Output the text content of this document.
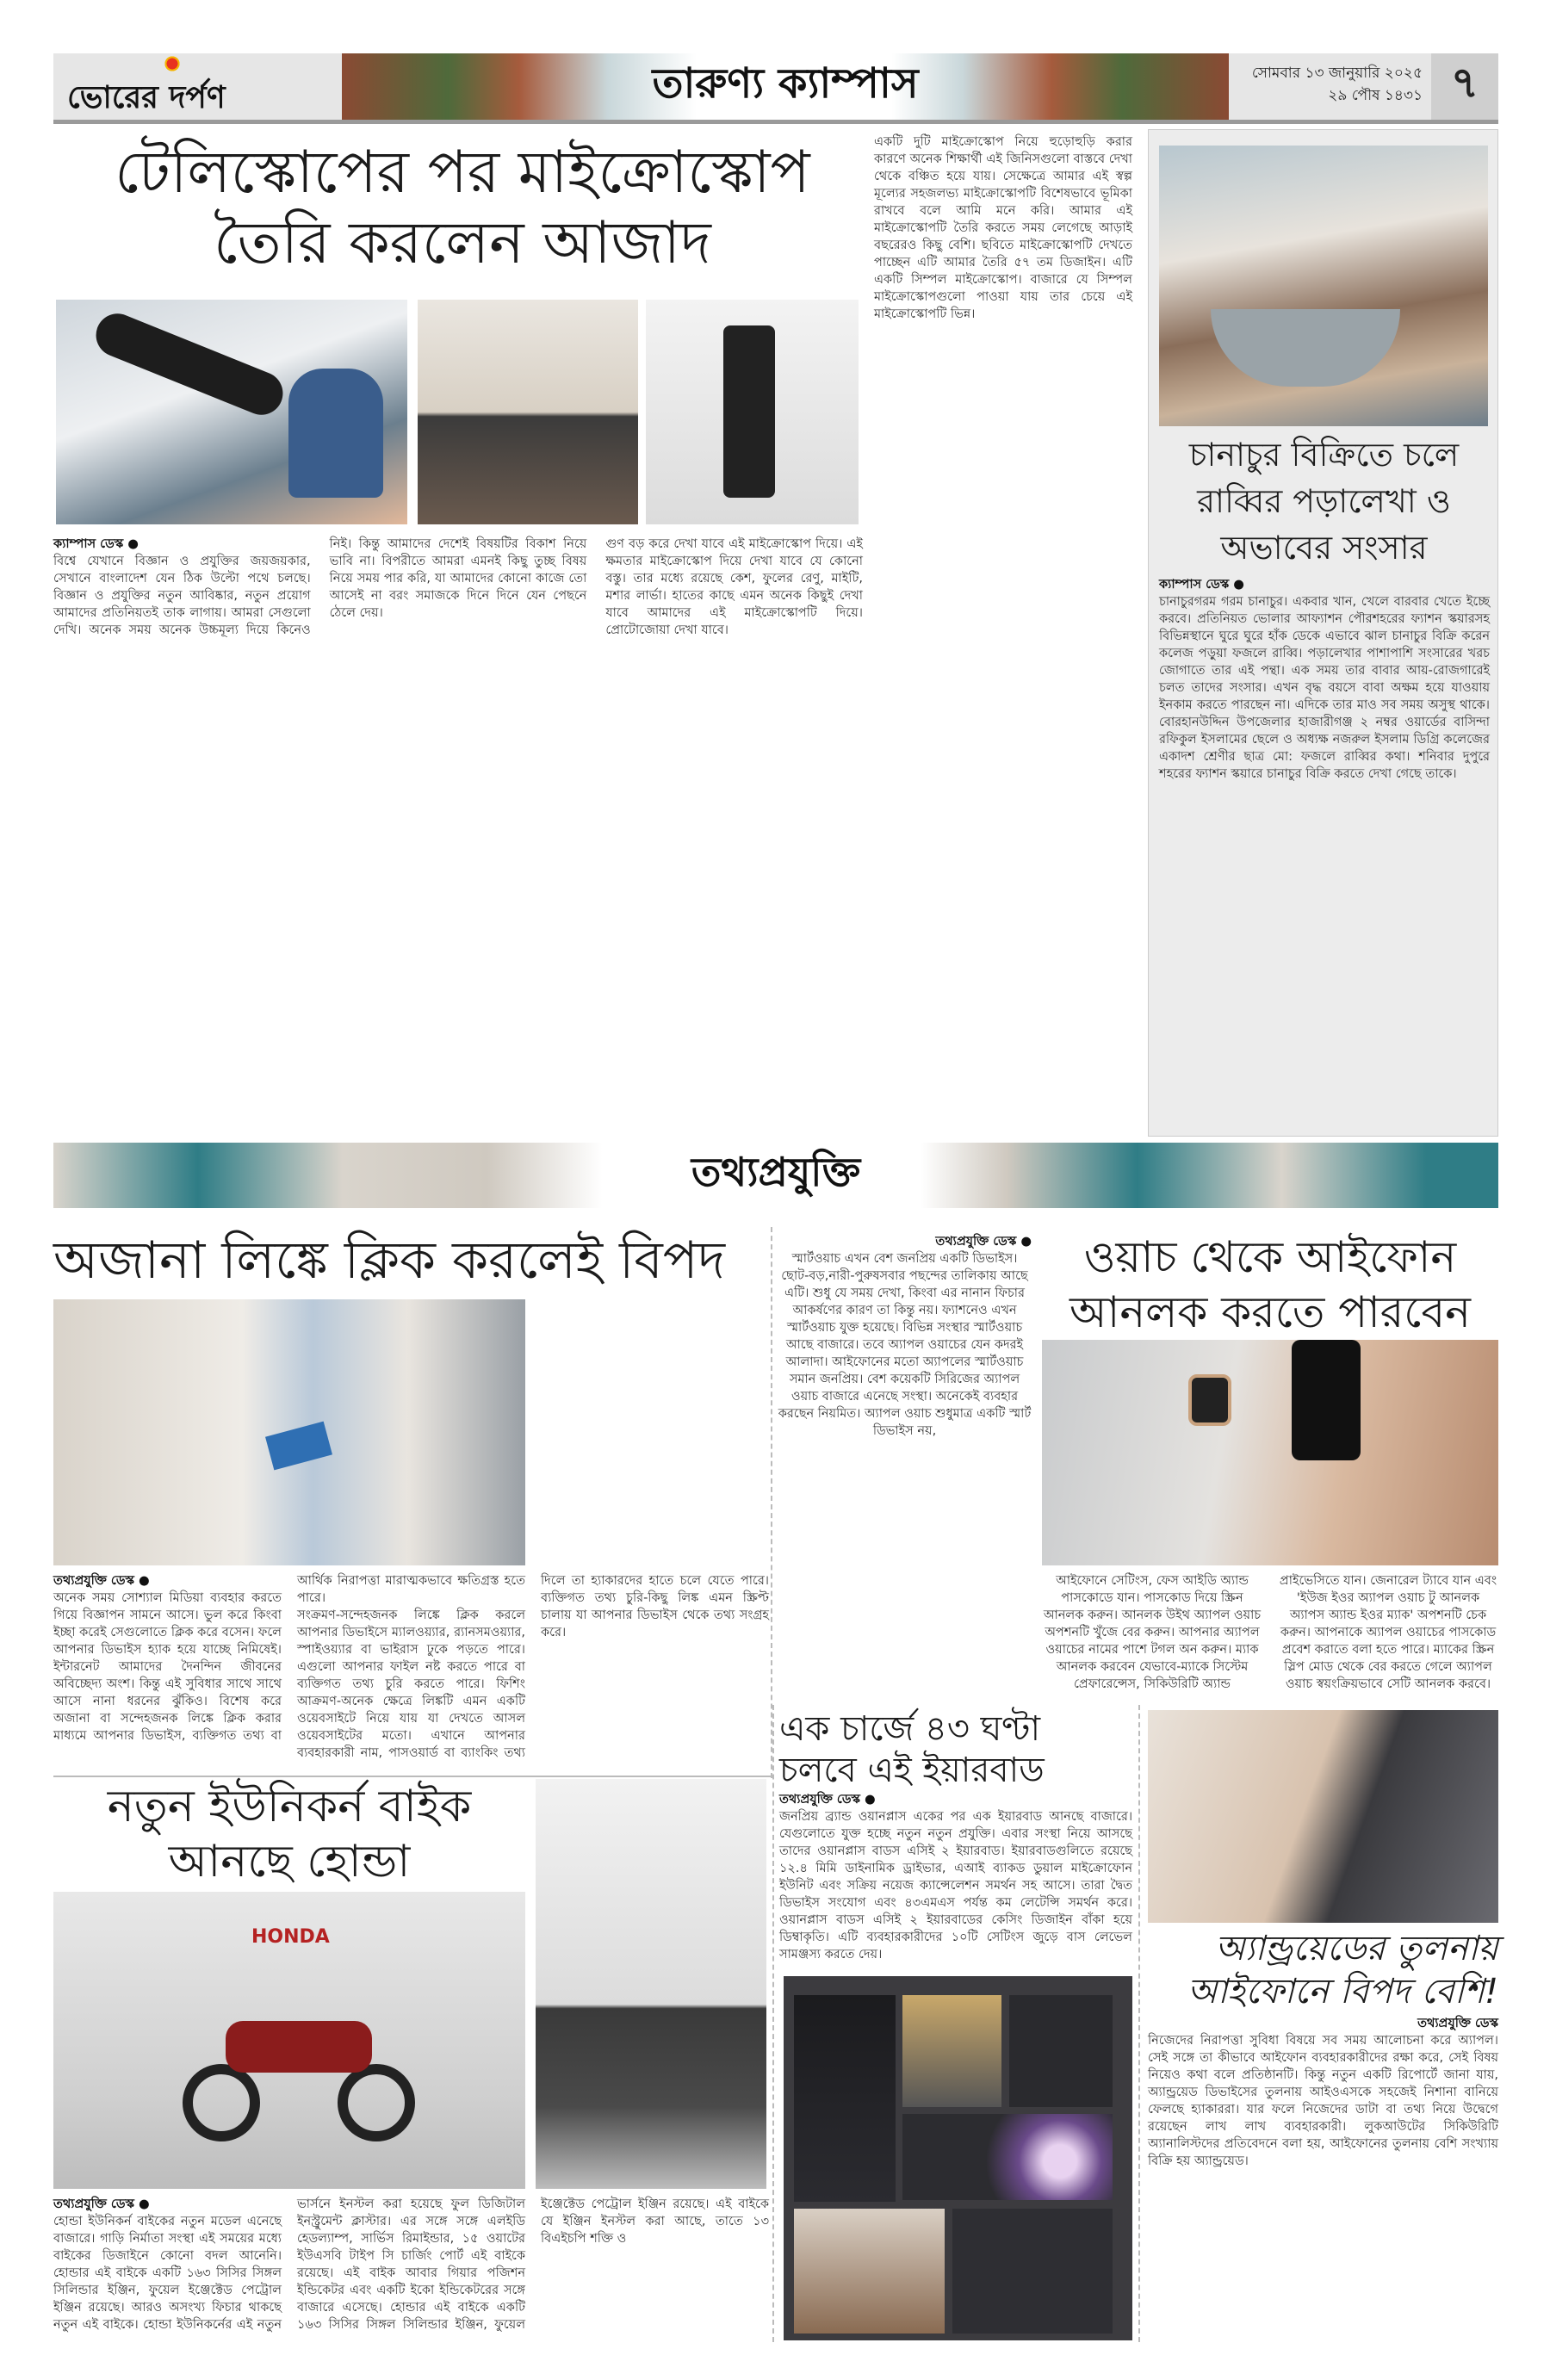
ভোরের দর্পণ	তারুণ্য ক্যাম্পাস	সোমবার ১৩ জানুয়ারি ২০২৫
২৯ পৌষ ১৪৩১ ৭
টেলিস্কোপের পর মাইক্রোস্কোপ
তৈরি করলেন আজাদ

ক্যাম্পাস ডেস্ক ●

বিশ্বে যেখানে বিজ্ঞান ও প্রযুক্তির জয়জয়কার, সেখানে বাংলাদেশ যেন ঠিক উল্টো পথে চলছে। বিজ্ঞান ও প্রযুক্তির নতুন আবিষ্কার, নতুন প্রয়োগ আমাদের প্রতিনিয়তই তাক লাগায়। আমরা সেগুলো দেখি। অনেক সময় অনেক উচ্চমূল্য দিয়ে কিনেও নিই। কিন্তু আমাদের দেশেই বিষয়টির বিকাশ নিয়ে ভাবি না। বিপরীতে আমরা এমনই কিছু তুচ্ছ বিষয় নিয়ে সময় পার করি, যা আমাদের কোনো কাজে তো আসেই না বরং সমাজকে দিনে দিনে যেন পেছনে ঠেলে দেয়।

গুণ বড় করে দেখা যাবে এই মাইক্রোস্কোপ দিয়ে। এই ক্ষমতার মাইক্রোস্কোপ দিয়ে দেখা যাবে যে কোনো বস্তু। তার মধ্যে রয়েছে কেশ, ফুলের রেণু, মাইটি, মশার লার্ভা। হাতের কাছে এমন অনেক কিছুই দেখা যাবে আমাদের এই মাইক্রোস্কোপটি দিয়ে। প্রোটোজোয়া দেখা যাবে।

একটি দুটি মাইক্রোস্কোপ নিয়ে হুড়োহুড়ি করার কারণে অনেক শিক্ষার্থী এই জিনিসগুলো বাস্তবে দেখা থেকে বঞ্চিত হয়ে যায়। সেক্ষেত্রে আমার এই স্বল্প মূল্যের সহজলভ্য মাইক্রোস্কোপটি বিশেষভাবে ভূমিকা রাখবে বলে আমি মনে করি। আমার এই মাইক্রোস্কোপটি তৈরি করতে সময় লেগেছে আড়াই বছরেরও কিছু বেশি। ছবিতে মাইক্রোস্কোপটি দেখতে পাচ্ছেন এটি আমার তৈরি ৫৭ তম ডিজাইন। এটি একটি সিম্পল মাইক্রোস্কোপ। বাজারে যে সিম্পল মাইক্রোস্কোপগুলো পাওয়া যায় তার চেয়ে এই মাইক্রোস্কোপটি ভিন্ন।

চানাচুর বিক্রিতে চলে
রাব্বির পড়ালেখা ও
অভাবের সংসার

ক্যাম্পাস ডেস্ক ●

চানাচুরগরম গরম চানাচুর। একবার খান, খেলে বারবার খেতে ইচ্ছে করবে। প্রতিনিয়ত ভোলার আফ্যাশন পৌরশহরের ফ্যাশন স্কয়ারসহ বিভিন্নস্থানে ঘুরে ঘুরে হাঁক ডেকে এভাবে ঝাল চানাচুর বিক্রি করেন কলেজ পড়ুয়া ফজলে রাব্বি। পড়ালেখার পাশাপাশি সংসারের খরচ জোগাতে তার এই পন্থা। এক সময় তার বাবার আয়-রোজগারেই চলত তাদের সংসার। এখন বৃদ্ধ বয়সে বাবা অক্ষম হয়ে যাওয়ায় ইনকাম করতে পারছেন না। এদিকে তার মাও সব সময় অসুস্থ থাকে। বোরহানউদ্দিন উপজেলার হাজারীগঞ্জ ২ নম্বর ওয়ার্ডের বাসিন্দা রফিকুল ইসলামের ছেলে ও অধ্যক্ষ নজরুল ইসলাম ডিগ্রি কলেজের একাদশ শ্রেণীর ছাত্র মো: ফজলে রাব্বির কথা। শনিবার দুপুরে শহরের ফ্যাশন স্কয়ারে চানাচুর বিক্রি করতে দেখা গেছে তাকে।

তথ্যপ্রযুক্তি
অজানা লিঙ্কে ক্লিক করলেই বিপদ

তথ্যপ্রযুক্তি ডেস্ক ●

অনেক সময় সোশ্যাল মিডিয়া ব্যবহার করতে গিয়ে বিজ্ঞাপন সামনে আসে। ভুল করে কিংবা ইচ্ছা করেই সেগুলোতে ক্লিক করে বসেন। ফলে আপনার ডিভাইস হ্যাক হয়ে যাচ্ছে নিমিষেই। ইন্টারনেট আমাদের দৈনন্দিন জীবনের অবিচ্ছেদ্য অংশ। কিন্তু এই সুবিধার সাথে সাথে আসে নানা ধরনের ঝুঁকিও। বিশেষ করে অজানা বা সন্দেহজনক লিঙ্কে ক্লিক করার মাধ্যমে আপনার ডিভাইস, ব্যক্তিগত তথ্য বা আর্থিক নিরাপত্তা মারাত্মকভাবে ক্ষতিগ্রস্ত হতে পারে।

সংক্রমণ-সন্দেহজনক লিঙ্কে ক্লিক করলে আপনার ডিভাইসে ম্যালওয়্যার, র‍্যানসমওয়্যার, স্পাইওয়্যার বা ভাইরাস ঢুকে পড়তে পারে। এগুলো আপনার ফাইল নষ্ট করতে পারে বা ব্যক্তিগত তথ্য চুরি করতে পারে। ফিশিং আক্রমণ-অনেক ক্ষেত্রে লিঙ্কটি এমন একটি ওয়েবসাইটে নিয়ে যায় যা দেখতে আসল ওয়েবসাইটের মতো। এখানে আপনার ব্যবহারকারী নাম, পাসওয়ার্ড বা ব্যাংকিং তথ্য দিলে তা হ্যাকারদের হাতে চলে যেতে পারে। ব্যক্তিগত তথ্য চুরি-কিছু লিঙ্ক এমন স্ক্রিপ্ট চালায় যা আপনার ডিভাইস থেকে তথ্য সংগ্রহ করে।

তথ্যপ্রযুক্তি ডেস্ক ●

স্মার্টওয়াচ এখন বেশ জনপ্রিয় একটি ডিভাইস। ছোট-বড়,নারী-পুরুষসবার পছন্দের তালিকায় আছে এটি। শুধু যে সময় দেখা, কিংবা এর নানান ফিচার আকর্ষণের কারণ তা কিন্তু নয়। ফ্যাশনেও এখন স্মার্টওয়াচ যুক্ত হয়েছে। বিভিন্ন সংস্থার স্মার্টওয়াচ আছে বাজারে। তবে অ্যাপল ওয়াচের যেন কদরই আলাদা। আইফোনের মতো অ্যাপলের স্মার্টওয়াচ সমান জনপ্রিয়। বেশ কয়েকটি সিরিজের অ্যাপল ওয়াচ বাজারে এনেছে সংস্থা। অনেকেই ব্যবহার করছেন নিয়মিত। অ্যাপল ওয়াচ শুধুমাত্র একটি স্মার্ট ডিভাইস নয়,

ওয়াচ থেকে আইফোন
আনলক করতে পারবেন

আইফোনে সেটিংস, ফেস আইডি অ্যান্ড পাসকোডে যান। পাসকোড দিয়ে স্ক্রিন আনলক করুন। আনলক উইথ অ্যাপল ওয়াচ অপশনটি খুঁজে বের করুন। আপনার অ্যাপল ওয়াচের নামের পাশে টগল অন করুন। ম্যাক আনলক করবেন যেভাবে-ম্যাকে সিস্টেম প্রেফারেন্সেস, সিকিউরিটি অ্যান্ড প্রাইভেসিতে যান। জেনারেল ট্যাবে যান এবং 'ইউজ ইওর অ্যাপল ওয়াচ টু আনলক অ্যাপস অ্যান্ড ইওর ম্যাক' অপশনটি চেক করুন। আপনাকে অ্যাপল ওয়াচের পাসকোড প্রবেশ করাতে বলা হতে পারে। ম্যাকের স্ক্রিন স্লিপ মোড থেকে বের করতে গেলে অ্যাপল ওয়াচ স্বয়ংক্রিয়ভাবে সেটি আনলক করবে।

নতুন ইউনিকর্ন বাইক
আনছে হোন্ডা
HONDA

তথ্যপ্রযুক্তি ডেস্ক ●

হোন্ডা ইউনিকর্ন বাইকের নতুন মডেল এনেছে বাজারে। গাড়ি নির্মাতা সংস্থা এই সময়ের মধ্যে বাইকের ডিজাইনে কোনো বদল আনেনি। হোন্ডার এই বাইকে একটি ১৬৩ সিসির সিঙ্গল সিলিন্ডার ইঞ্জিন, ফুয়েল ইঞ্জেক্টেড পেট্রোল ইঞ্জিন রয়েছে। আরও অসংখ্য ফিচার থাকছে নতুন এই বাইকে। হোন্ডা ইউনিকর্নের এই নতুন ভার্সনে ইনস্টল করা হয়েছে ফুল ডিজিটাল ইনস্ট্রুমেন্ট ক্লাস্টার। এর সঙ্গে সঙ্গে এলইডি হেডল্যাম্প, সার্ভিস রিমাইন্ডার, ১৫ ওয়াটের ইউএসবি টাইপ সি চার্জিং পোর্ট এই বাইকে রয়েছে। এই বাইক আবার গিয়ার পজিশন ইন্ডিকেটর এবং একটি ইকো ইন্ডিকেটরের সঙ্গে বাজারে এসেছে। হোন্ডার এই বাইকে একটি ১৬৩ সিসির সিঙ্গল সিলিন্ডার ইঞ্জিন, ফুয়েল ইঞ্জেক্টেড পেট্রোল ইঞ্জিন রয়েছে। এই বাইকে যে ইঞ্জিন ইনস্টল করা আছে, তাতে ১৩ বিএইচপি শক্তি ও

এক চার্জে ৪৩ ঘণ্টা
চলবে এই ইয়ারবাড

তথ্যপ্রযুক্তি ডেস্ক ●

জনপ্রিয় ব্র্যান্ড ওয়ানপ্লাস একের পর এক ইয়ারবাড আনছে বাজারে। যেগুলোতে যুক্ত হচ্ছে নতুন নতুন প্রযুক্তি। এবার সংস্থা নিয়ে আসছে তাদের ওয়ানপ্লাস বাডস এসিই ২ ইয়ারবাড। ইয়ারবাডগুলিতে রয়েছে ১২.৪ মিমি ডাইনামিক ড্রাইভার, এআই ব্যাকড ডুয়াল মাইক্রোফোন ইউনিট এবং সক্রিয় নয়েজ ক্যান্সেলেশন সমর্থন সহ আসে। তারা দ্বৈত ডিভাইস সংযোগ এবং ৪৩এমএস পর্যন্ত কম লেটেন্সি সমর্থন করে। ওয়ানপ্লাস বাডস এসিই ২ ইয়ারবাডের কেসিং ডিজাইন বাঁকা হয়ে ডিম্বাকৃতি। এটি ব্যবহারকারীদের ১০টি সেটিংস জুড়ে বাস লেভেল সামঞ্জস্য করতে দেয়।	অ্যান্ড্রয়েডের তুলনায়
আইফোনে বিপদ বেশি!

তথ্যপ্রযুক্তি ডেস্ক

নিজেদের নিরাপত্তা সুবিধা বিষয়ে সব সময় আলোচনা করে অ্যাপল। সেই সঙ্গে তা কীভাবে আইফোন ব্যবহারকারীদের রক্ষা করে, সেই বিষয় নিয়েও কথা বলে প্রতিষ্ঠানটি। কিন্তু নতুন একটি রিপোর্টে জানা যায়, অ্যান্ড্রয়েড ডিভাইসের তুলনায় আইওএসকে সহজেই নিশানা বানিয়ে ফেলছে হ্যাকাররা। যার ফলে নিজেদের ডাটা বা তথ্য নিয়ে উদ্বেগে রয়েছেন লাখ লাখ ব্যবহারকারী। লুকআউটের সিকিউরিটি অ্যানালিস্টদের প্রতিবেদনে বলা হয়, আইফোনের তুলনায় বেশি সংখ্যায় বিক্রি হয় অ্যান্ড্রয়েড।
